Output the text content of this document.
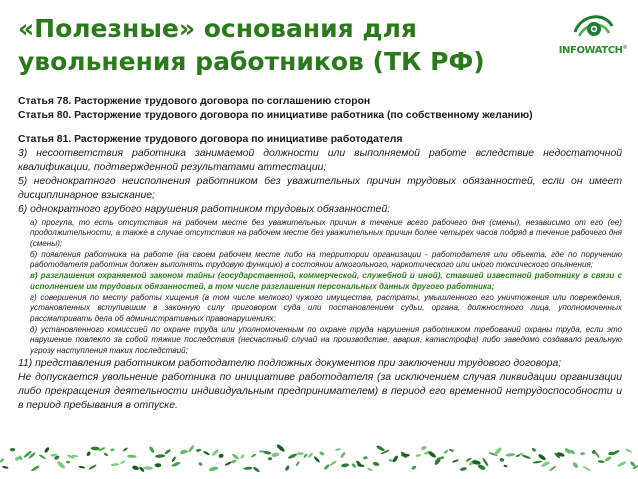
«Полезные» основания для
увольнения работников (ТК РФ)	INFOWATCH®
Статья 78. Расторжение трудового договора по соглашению сторон
Статья 80. Расторжение трудового договора по инициативе работника (по собственному желанию)
Статья 81. Расторжение трудового договора по инициативе работодателя
3) несоответствия работника занимаемой должности или выполняемой работе вследствие недостаточной квалификации, подтвержденной результатами аттестации;
5) неоднократного неисполнения работником без уважительных причин трудовых обязанностей, если он имеет дисциплинарное взыскание;
6) однократного грубого нарушения работником трудовых обязанностей:
а) прогула, то есть отсутствия на рабочем месте без уважительных причин в течение всего рабочего дня (смены), независимо от его (ее) продолжительности, а также в случае отсутствия на рабочем месте без уважительных причин более четырех часов подряд в течение рабочего дня (смены);
б) появления работника на работе (на своем рабочем месте либо на территории организации - работодателя или объекта, где по поручению работодателя работник должен выполнять трудовую функцию) в состоянии алкогольного, наркотического или иного токсического опьянения;
в) разглашения охраняемой законом тайны (государственной, коммерческой, служебной и иной), ставшей известной работнику в связи с исполнением им трудовых обязанностей, в том числе разглашения персональных данных другого работника;
г) совершения по месту работы хищения (в том числе мелкого) чужого имущества, растраты, умышленного его уничтожения или повреждения, установленных вступившим в законную силу приговором суда или постановлением судьи, органа, должностного лица, уполномоченных рассматривать дела об административных правонарушениях;
д) установленного комиссией по охране труда или уполномоченным по охране труда нарушения работником требований охраны труда, если это нарушение повлекло за собой тяжкие последствия (несчастный случай на производстве, авария, катастрофа) либо заведомо создавало реальную угрозу наступления таких последствий;
11) представления работником работодателю подложных документов при заключении трудового договора;
Не допускается увольнение работника по инициативе работодателя (за исключением случая ликвидации организации либо прекращения деятельности индивидуальным предпринимателем) в период его временной нетрудоспособности и в период пребывания в отпуске.
